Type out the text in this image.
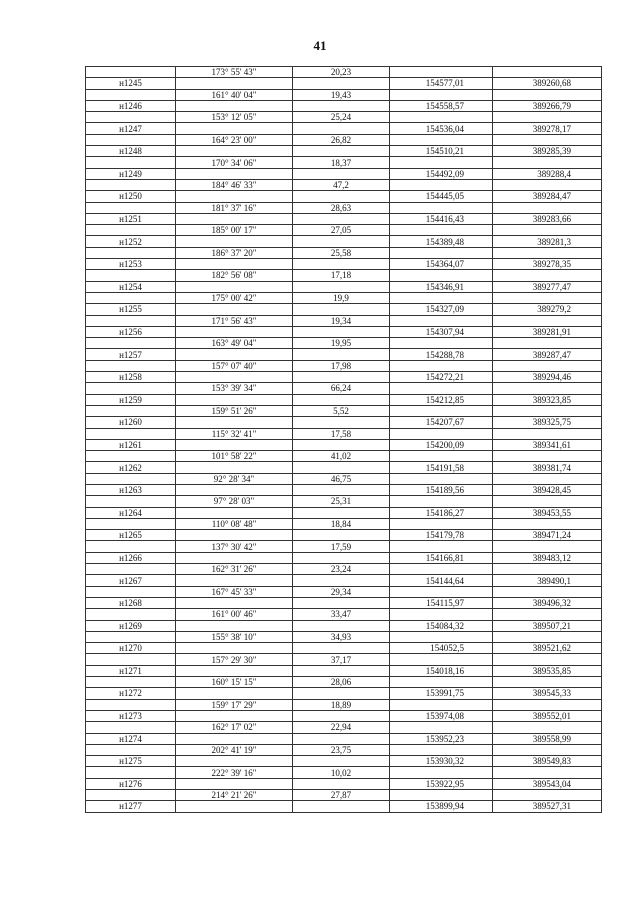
41
	173° 55' 43"	20,23		
н1245			154577,01	389260,68
	161° 40' 04"	19,43		
н1246			154558,57	389266,79
	153° 12' 05"	25,24		
н1247			154536,04	389278,17
	164° 23' 00"	26,82		
н1248			154510,21	389285,39
	170° 34' 06"	18,37		
н1249			154492,09	389288,4
	184° 46' 33"	47,2		
н1250			154445,05	389284,47
	181° 37' 16"	28,63		
н1251			154416,43	389283,66
	185° 00' 17"	27,05		
н1252			154389,48	389281,3
	186° 37' 20"	25,58		
н1253			154364,07	389278,35
	182° 56' 08"	17,18		
н1254			154346,91	389277,47
	175° 00' 42"	19,9		
н1255			154327,09	389279,2
	171° 56' 43"	19,34		
н1256			154307,94	389281,91
	163° 49' 04"	19,95		
н1257			154288,78	389287,47
	157° 07' 40"	17,98		
н1258			154272,21	389294,46
	153° 39' 34"	66,24		
н1259			154212,85	389323,85
	159° 51' 26"	5,52		
н1260			154207,67	389325,75
	115° 32' 41"	17,58		
н1261			154200,09	389341,61
	101° 58' 22"	41,02		
н1262			154191,58	389381,74
	92° 28' 34"	46,75		
н1263			154189,56	389428,45
	97° 28' 03"	25,31		
н1264			154186,27	389453,55
	110° 08' 48"	18,84		
н1265			154179,78	389471,24
	137° 30' 42"	17,59		
н1266			154166,81	389483,12
	162° 31' 26"	23,24		
н1267			154144,64	389490,1
	167° 45' 33"	29,34		
н1268			154115,97	389496,32
	161° 00' 46"	33,47		
н1269			154084,32	389507,21
	155° 38' 10"	34,93		
н1270			154052,5	389521,62
	157° 29' 30"	37,17		
н1271			154018,16	389535,85
	160° 15' 15"	28,06		
н1272			153991,75	389545,33
	159° 17' 29"	18,89		
н1273			153974,08	389552,01
	162° 17' 02"	22,94		
н1274			153952,23	389558,99
	202° 41' 19"	23,75		
н1275			153930,32	389549,83
	222° 39' 16"	10,02		
н1276			153922,95	389543,04
	214° 21' 26"	27,87		
н1277			153899,94	389527,31
